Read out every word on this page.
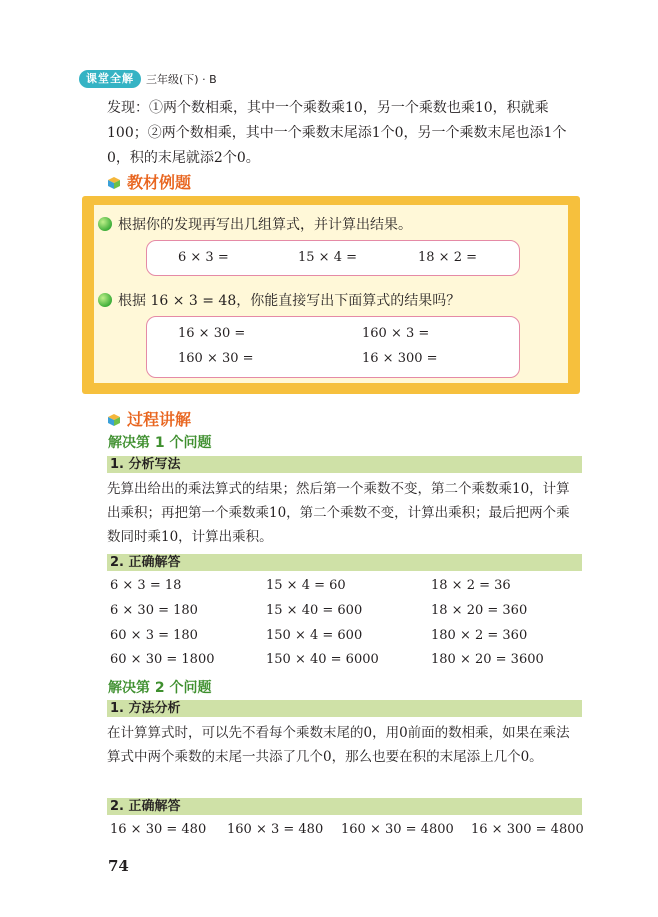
课堂全解	三年级(下) · B
发现：①两个数相乘，其中一个乘数乘10，另一个乘数也乘10，积就乘100；②两个数相乘，其中一个乘数末尾添1个0，另一个乘数末尾也添1个0，积的末尾就添2个0。
教材例题
根据你的发现再写出几组算式，并计算出结果。
6 × 3 =	15 × 4 =	18 × 2 =
根据 16 × 3 = 48，你能直接写出下面算式的结果吗？
16 × 30 =	160 × 3 =
160 × 30 =	16 × 300 =
过程讲解
解决第 1 个问题
1. 分析写法
先算出给出的乘法算式的结果；然后第一个乘数不变，第二个乘数乘10，计算出乘积；再把第一个乘数乘10，第二个乘数不变，计算出乘积；最后把两个乘数同时乘10，计算出乘积。
2. 正确解答
6 × 3 = 18	15 × 4 = 60	18 × 2 = 36
6 × 30 = 180	15 × 40 = 600	18 × 20 = 360
60 × 3 = 180	150 × 4 = 600	180 × 2 = 360
60 × 30 = 1800	150 × 40 = 6000	180 × 20 = 3600
解决第 2 个问题
1. 方法分析
在计算算式时，可以先不看每个乘数末尾的0，用0前面的数相乘，如果在乘法算式中两个乘数的末尾一共添了几个0，那么也要在积的末尾添上几个0。
2. 正确解答
16 × 30 = 480 160 × 3 = 480 160 × 30 = 4800 16 × 300 = 4800
74
